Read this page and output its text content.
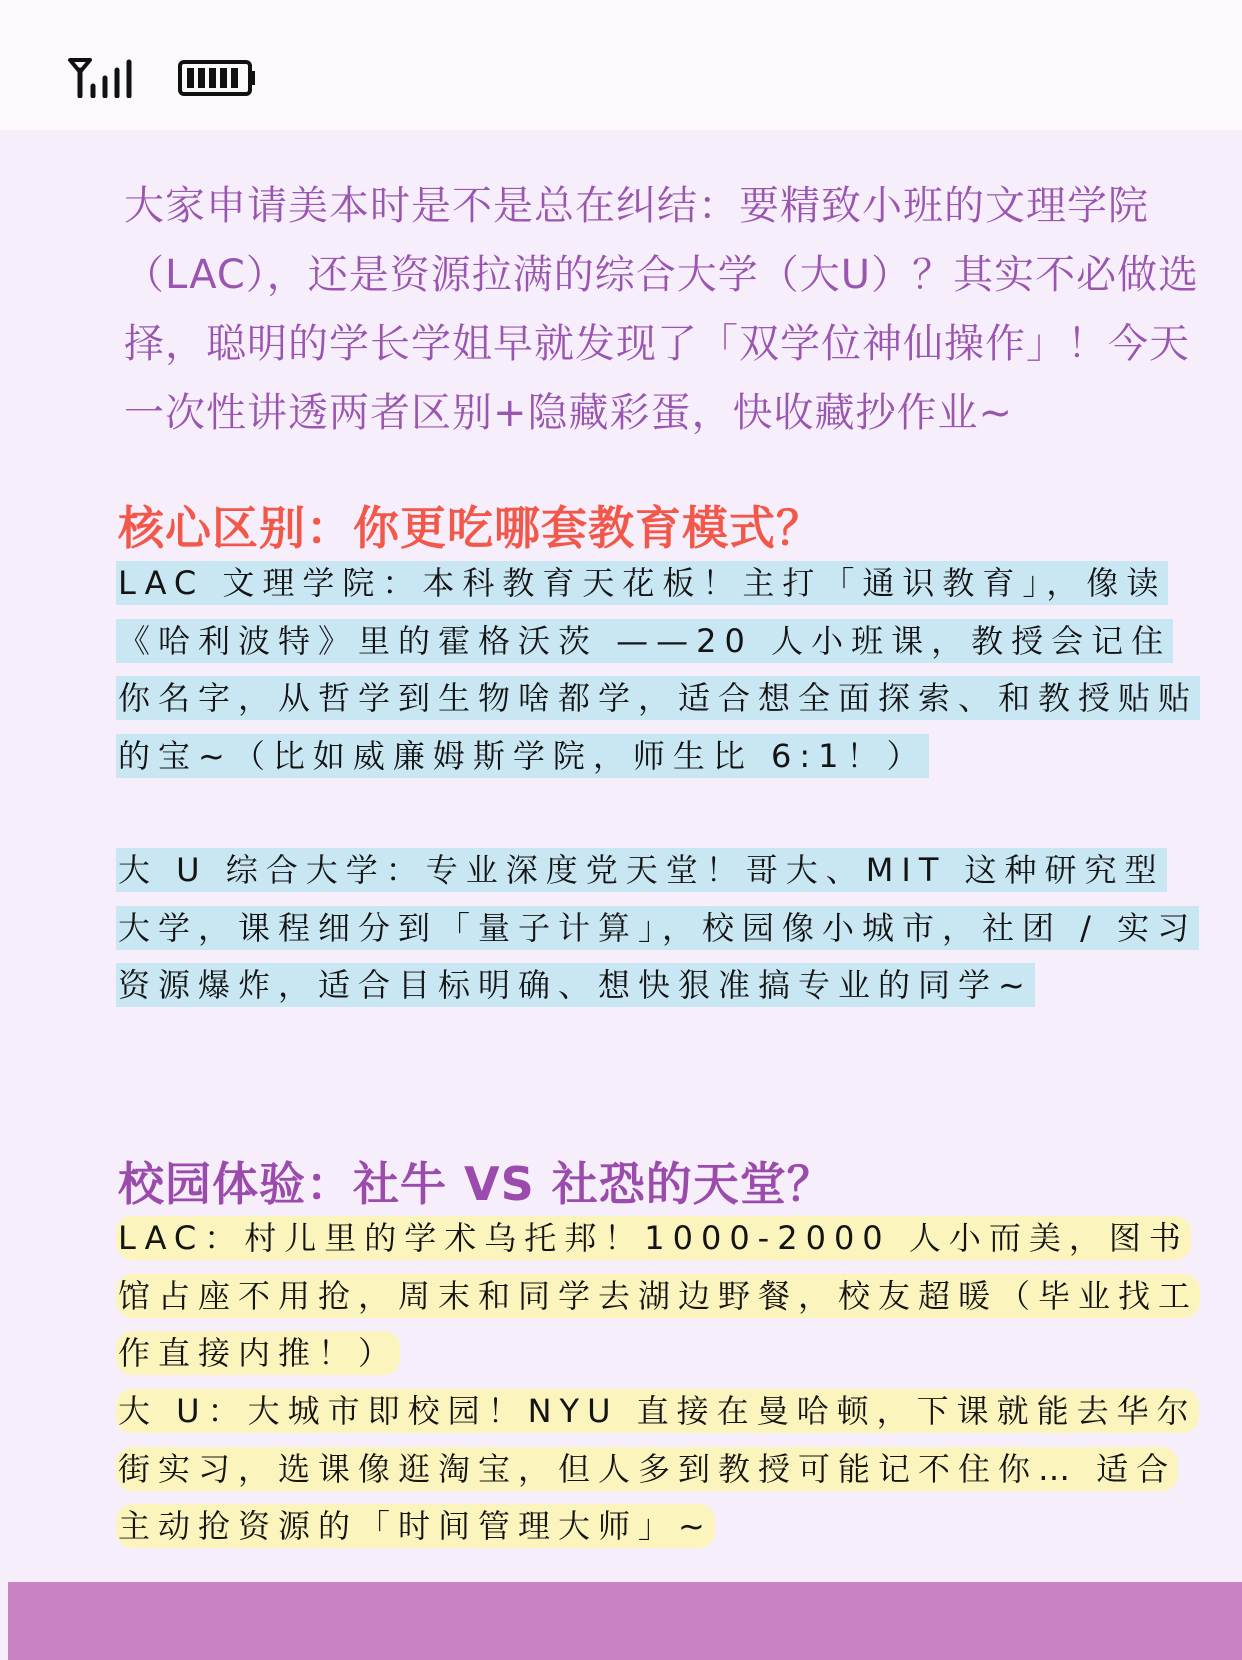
大家申请美本时是不是总在纠结：要精致小班的文理学院（LAC），还是资源拉满的综合大学（大U）？其实不必做选择，聪明的学长学姐早就发现了「双学位神仙操作」！今天一次性讲透两者区别+隐藏彩蛋，快收藏抄作业~

核心区别：你更吃哪套教育模式？

LAC 文理学院：本科教育天花板！主打「通识教育」，像读《哈利波特》里的霍格沃茨 ——20 人小班课，教授会记住你名字，从哲学到生物啥都学，适合想全面探索、和教授贴贴的宝~（比如威廉姆斯学院，师生比 6:1！）

大 U 综合大学：专业深度党天堂！哥大、MIT 这种研究型大学，课程细分到「量子计算」，校园像小城市，社团 / 实习资源爆炸，适合目标明确、想快狠准搞专业的同学~

校园体验：社牛 VS 社恐的天堂？

LAC：村儿里的学术乌托邦！1000-2000 人小而美，图书馆占座不用抢，周末和同学去湖边野餐，校友超暖（毕业找工作直接内推！）

大 U：大城市即校园！NYU 直接在曼哈顿，下课就能去华尔街实习，选课像逛淘宝，但人多到教授可能记不住你… 适合主动抢资源的「时间管理大师」~
